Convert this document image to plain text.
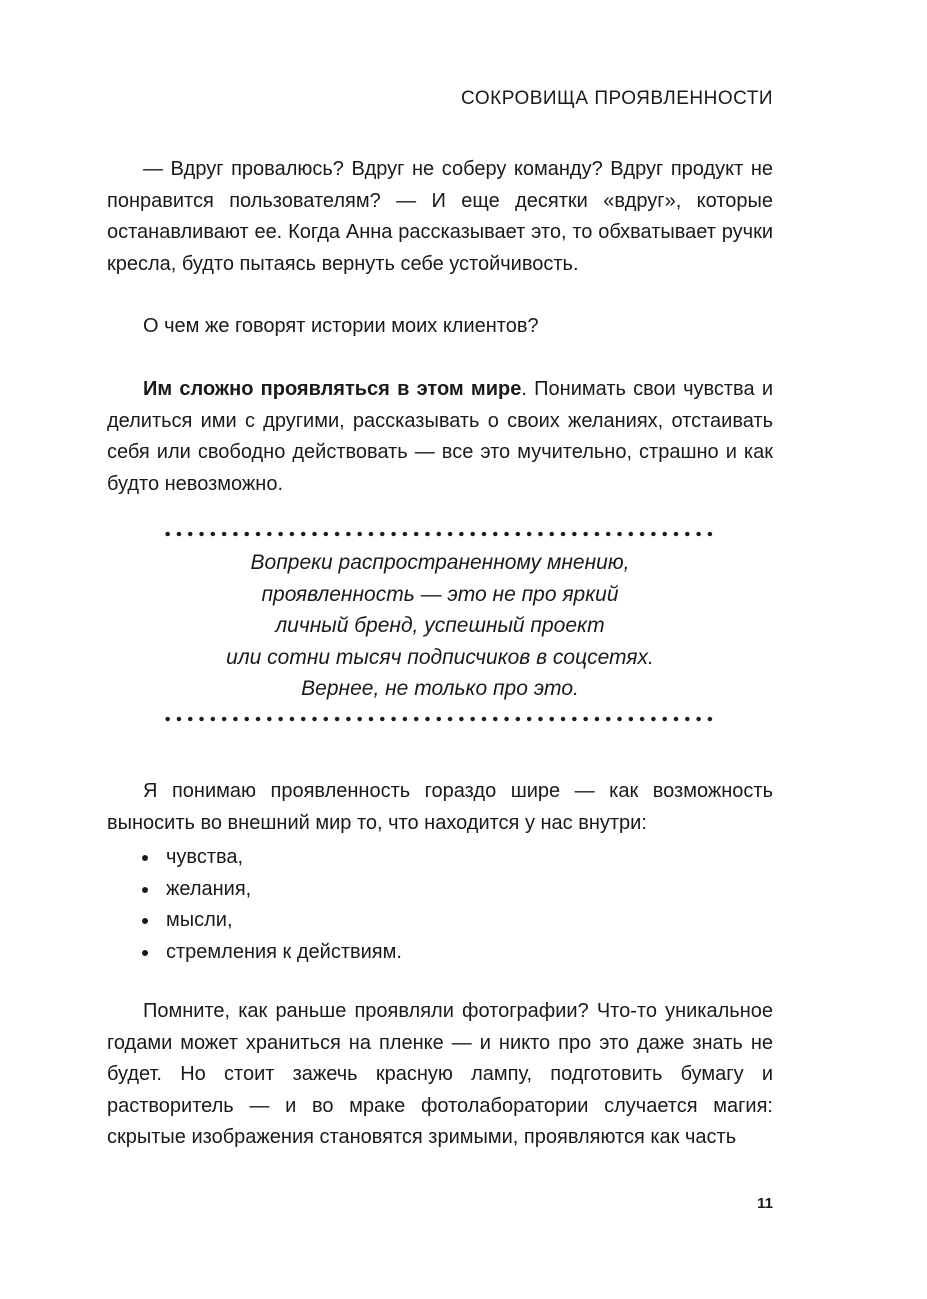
СОКРОВИЩА ПРОЯВЛЕННОСТИ

— Вдруг провалюсь? Вдруг не соберу команду? Вдруг продукт не понравится пользователям? — И еще десятки «вдруг», которые останавливают ее. Когда Анна рассказывает это, то обхватывает ручки кресла, будто пытаясь вернуть себе устойчивость.

О чем же говорят истории моих клиентов?

Им сложно проявляться в этом мире. Понимать свои чувства и делиться ими с другими, рассказывать о своих желаниях, отстаивать себя или свободно действовать — все это мучительно, страшно и как будто невозможно.

Вопреки распространенному мнению,
проявленность — это не про яркий
личный бренд, успешный проект
или сотни тысяч подписчиков в соцсетях.
Вернее, не только про это.

Я понимаю проявленность гораздо шире — как возможность выносить во внешний мир то, что находится у нас внутри:

чувства,
желания,
мысли,
стремления к действиям.

Помните, как раньше проявляли фотографии? Что-то уникальное годами может храниться на пленке — и никто про это даже знать не будет. Но стоит зажечь красную лампу, подготовить бумагу и растворитель — и во мраке фотолаборатории случается магия: скрытые изображения становятся зримыми, проявляются как часть

11
